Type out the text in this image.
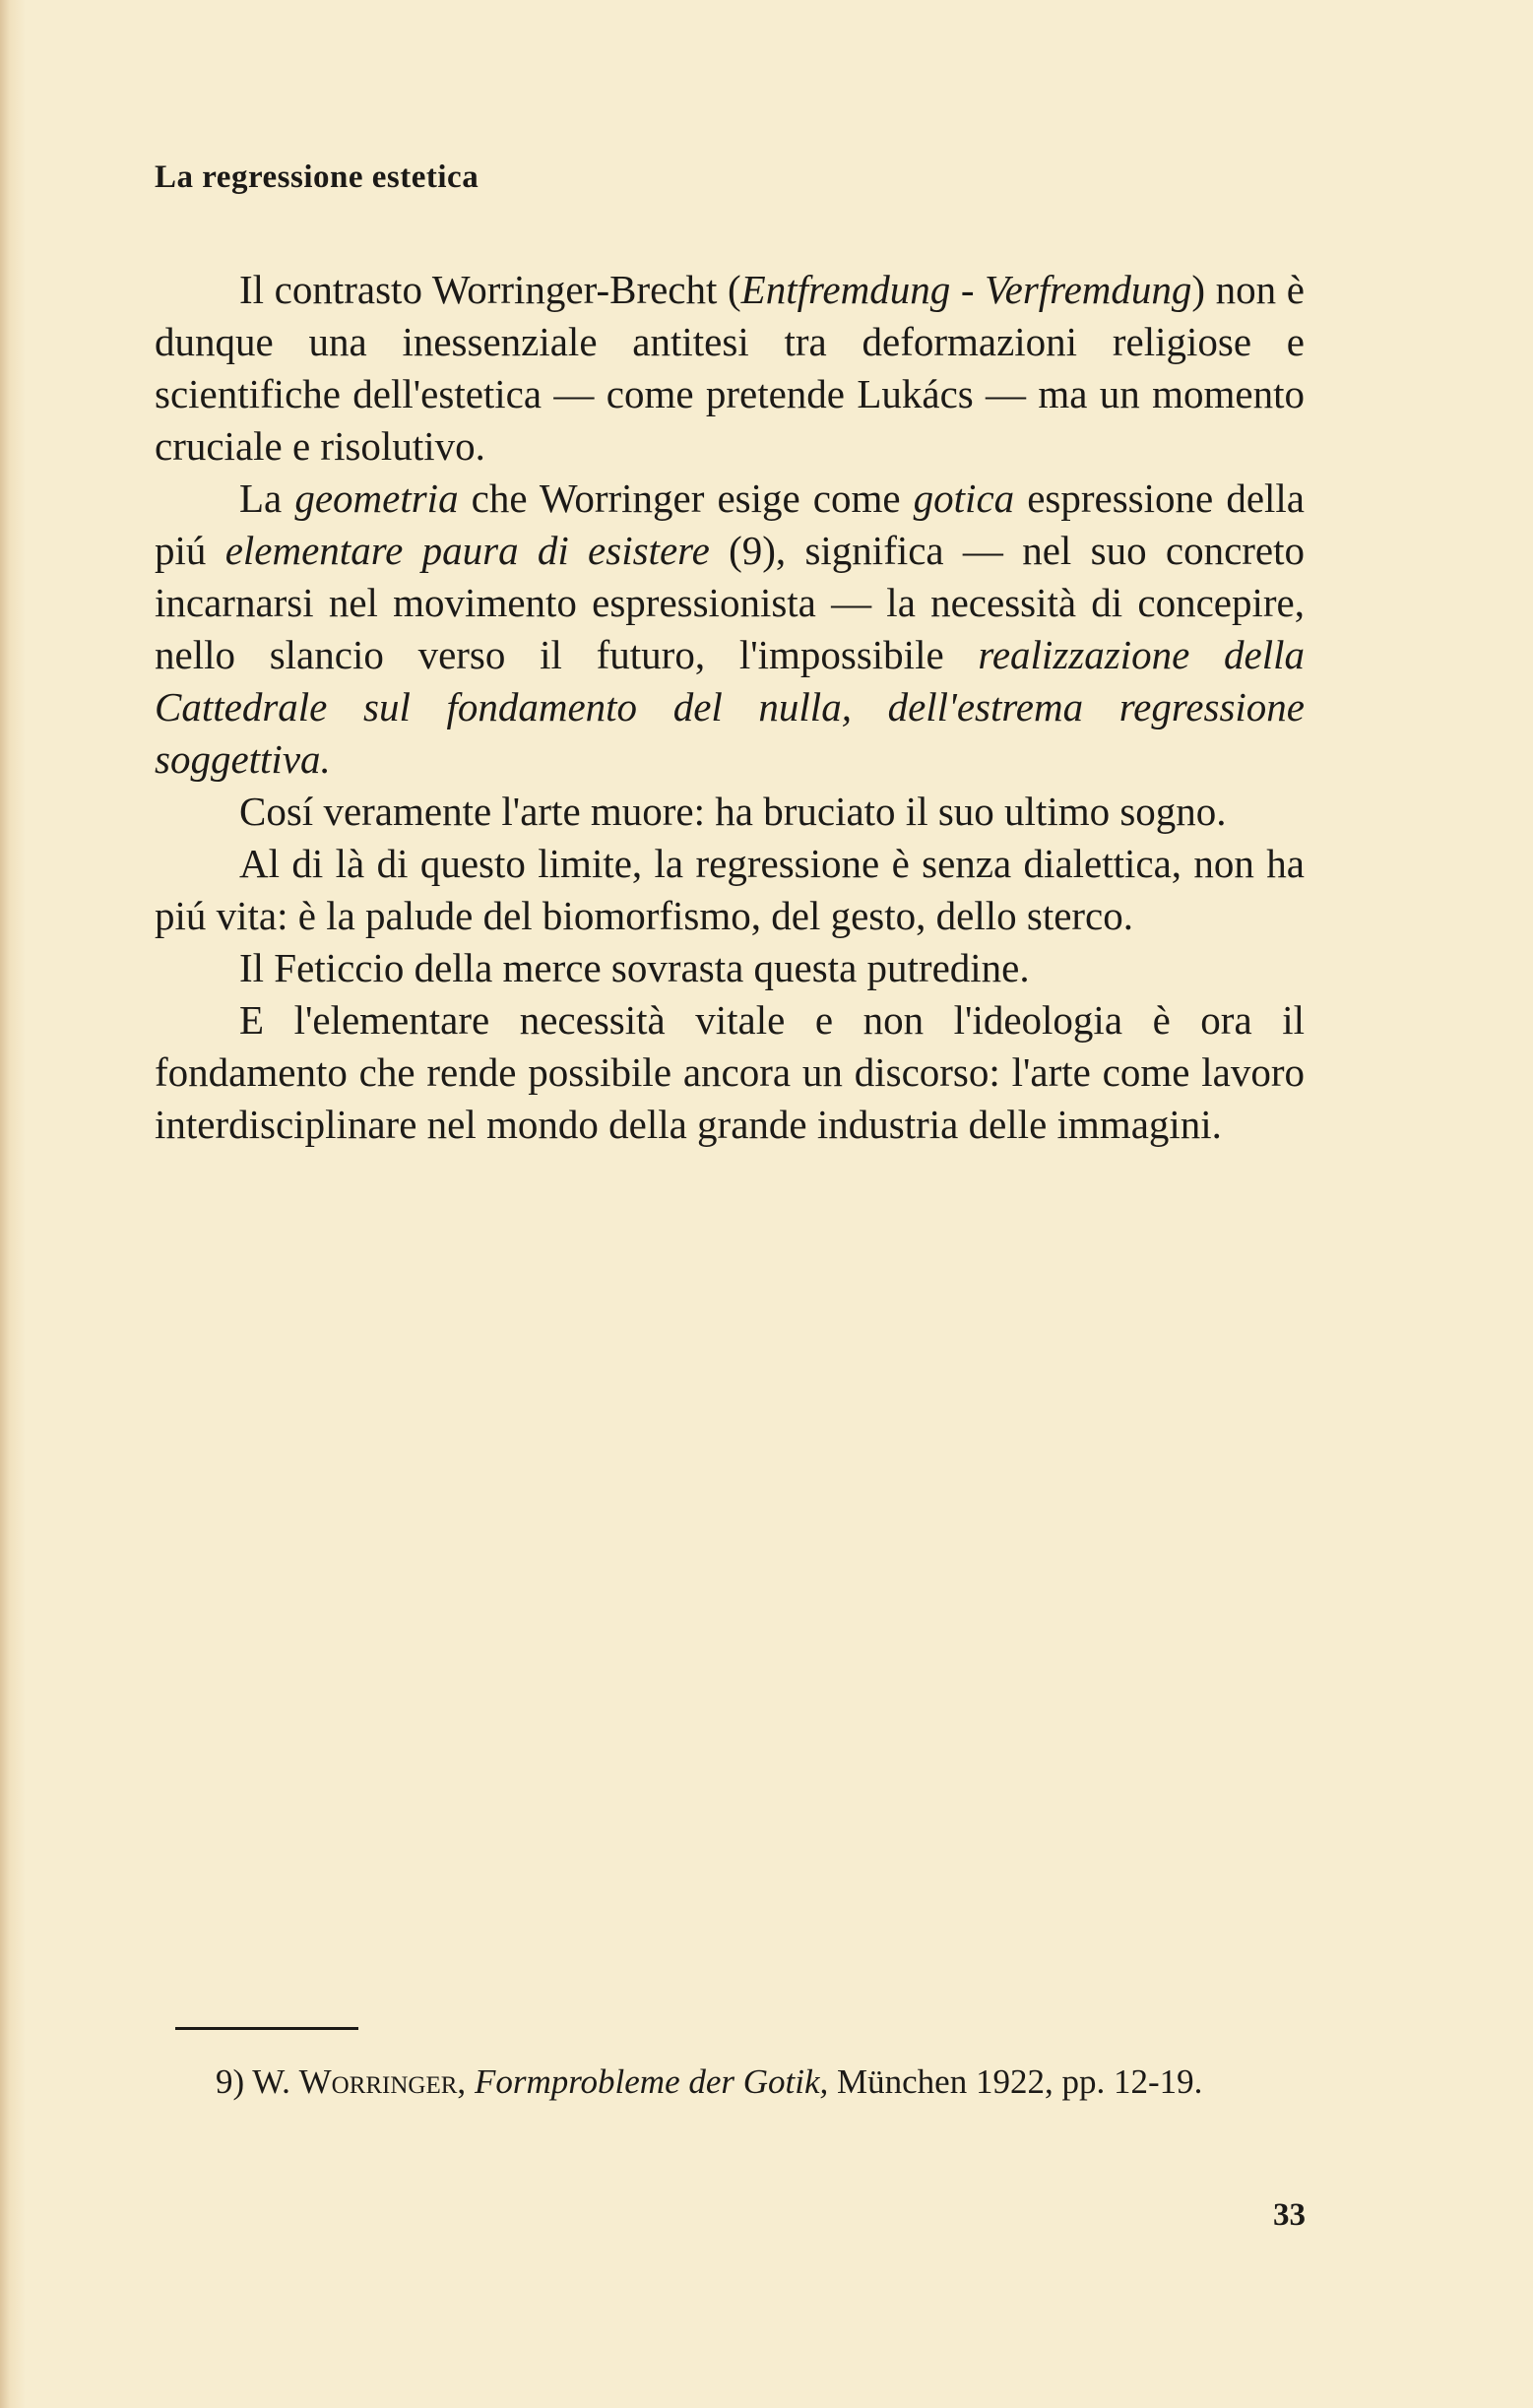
La regressione estetica

Il contrasto Worringer-Brecht (Entfremdung - Verfremdung) non è dunque una inessenziale antitesi tra deformazioni religiose e scientifiche dell'estetica — come pretende Lukács — ma un momento cruciale e risolutivo.

La geometria che Worringer esige come gotica espressione della piú elementare paura di esistere (9), significa — nel suo concreto incarnarsi nel movimento espressionista — la necessità di concepire, nello slancio verso il futuro, l'impossibile realizzazione della Cattedrale sul fondamento del nulla, dell'estrema regressione soggettiva.

Cosí veramente l'arte muore: ha bruciato il suo ultimo sogno.

Al di là di questo limite, la regressione è senza dialettica, non ha piú vita: è la palude del biomorfismo, del gesto, dello sterco.

Il Feticcio della merce sovrasta questa putredine.

E l'elementare necessità vitale e non l'ideologia è ora il fondamento che rende possibile ancora un discorso: l'arte come lavoro interdisciplinare nel mondo della grande industria delle immagini.

9) W. Worringer, Formprobleme der Gotik, München 1922, pp. 12-19.

33
